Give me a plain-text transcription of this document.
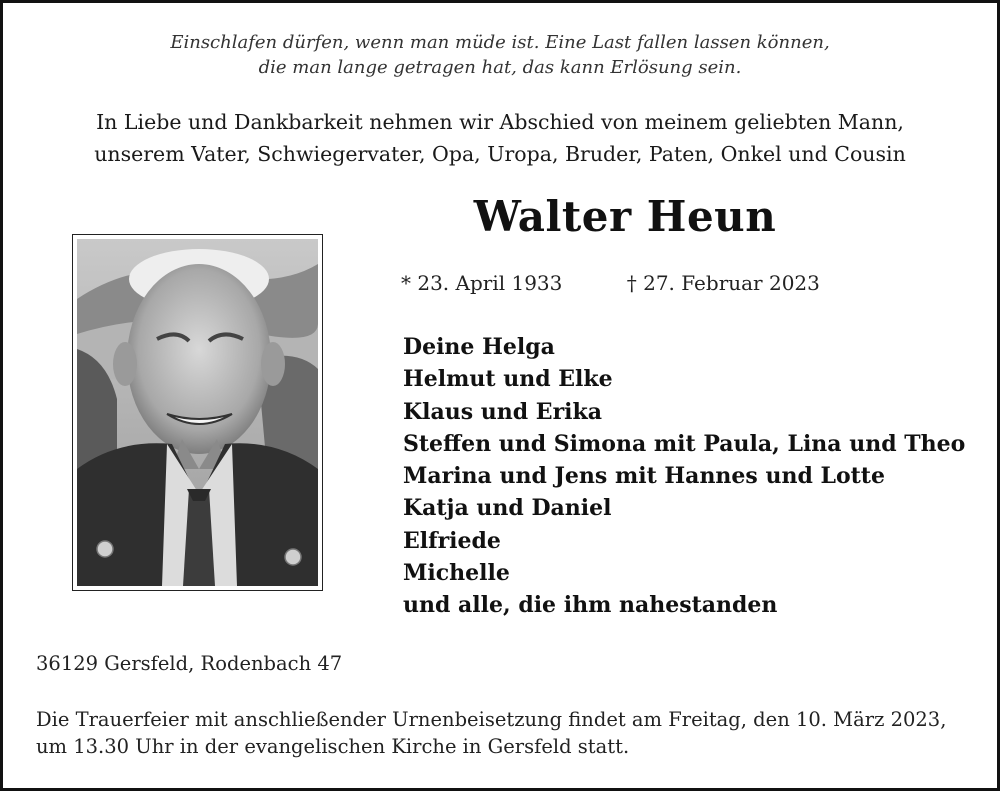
Einschlafen dürfen, wenn man müde ist. Eine Last fallen lassen können,
die man lange getragen hat, das kann Erlösung sein.
In Liebe und Dankbarkeit nehmen wir Abschied von meinem geliebten Mann,
unserem Vater, Schwiegervater, Opa, Uropa, Bruder, Paten, Onkel und Cousin
Walter Heun
* 23. April 1933	† 27. Februar 2023
Deine Helga
Helmut und Elke
Klaus und Erika
Steffen und Simona mit Paula, Lina und Theo
Marina und Jens mit Hannes und Lotte
Katja und Daniel
Elfriede
Michelle
und alle, die ihm nahestanden
36129 Gersfeld, Rodenbach 47
Die Trauerfeier mit anschließender Urnenbeisetzung findet am Freitag, den 10. März 2023,
um 13.30 Uhr in der evangelischen Kirche in Gersfeld statt.
